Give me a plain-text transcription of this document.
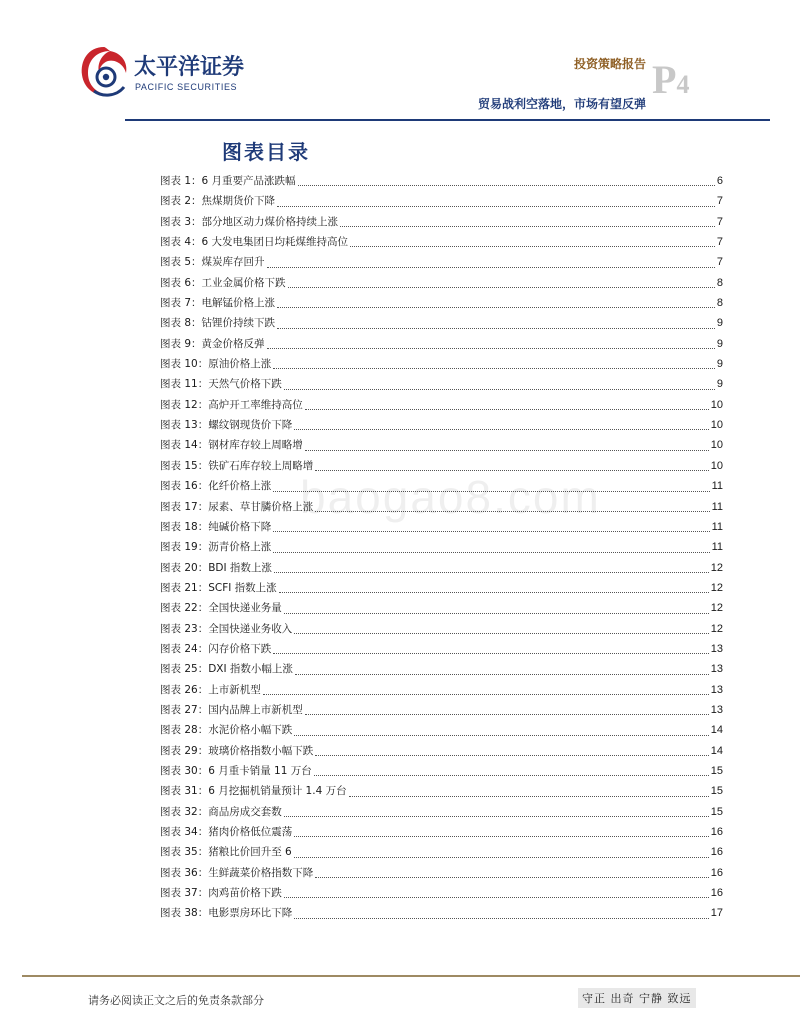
太平洋证券
PACIFIC SECURITIES
投资策略报告 P4
贸易战利空落地，市场有望反弹
图表目录
图表 1：6 月重要产品涨跌幅	6
图表 2：焦煤期货价下降	7
图表 3：部分地区动力煤价格持续上涨	7
图表 4：6 大发电集团日均耗煤维持高位	7
图表 5：煤炭库存回升	7
图表 6：工业金属价格下跌	8
图表 7：电解锰价格上涨	8
图表 8：钴锂价持续下跌	9
图表 9：黄金价格反弹	9
图表 10：原油价格上涨	9
图表 11：天然气价格下跌	9
图表 12：高炉开工率维持高位	10
图表 13：螺纹钢现货价下降	10
图表 14：钢材库存较上周略增	10
图表 15：铁矿石库存较上周略增	10
图表 16：化纤价格上涨	11
图表 17：尿素、草甘膦价格上涨	11
图表 18：纯碱价格下降	11
图表 19：沥青价格上涨	11
图表 20：BDI 指数上涨	12
图表 21：SCFI 指数上涨	12
图表 22：全国快递业务量	12
图表 23：全国快递业务收入	12
图表 24：闪存价格下跌	13
图表 25：DXI 指数小幅上涨	13
图表 26：上市新机型	13
图表 27：国内品牌上市新机型	13
图表 28：水泥价格小幅下跌	14
图表 29：玻璃价格指数小幅下跌	14
图表 30：6 月重卡销量 11 万台	15
图表 31：6 月挖掘机销量预计 1.4 万台	15
图表 32：商品房成交套数	15
图表 34：猪肉价格低位震荡	16
图表 35：猪粮比价回升至 6	16
图表 36：生鲜蔬菜价格指数下降	16
图表 37：肉鸡苗价格下跌	16
图表 38：电影票房环比下降	17
baogao8.com
请务必阅读正文之后的免责条款部分	守正 出奇 宁静 致远
